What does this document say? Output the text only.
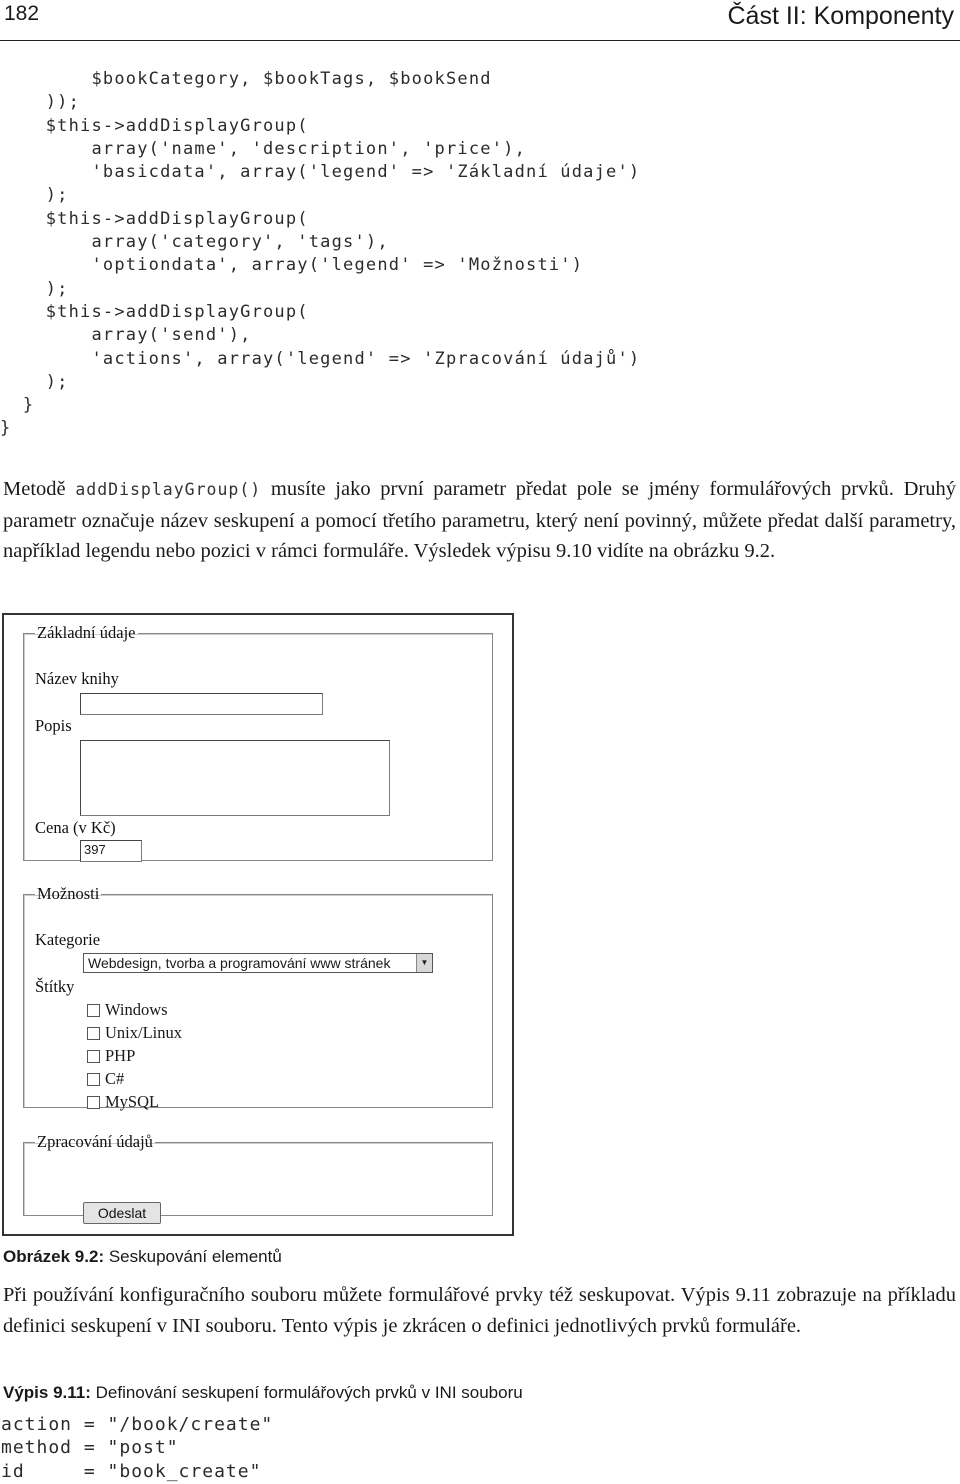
182	Část II: Komponenty
$bookCategory, $bookTags, $bookSend
));
$this->addDisplayGroup(
array('name', 'description', 'price'),
'basicdata', array('legend' => 'Základní údaje')
);
$this->addDisplayGroup(
array('category', 'tags'),
'optiondata', array('legend' => 'Možnosti')
);
$this->addDisplayGroup(
array('send'),
'actions', array('legend' => 'Zpracování údajů')
);
}
}

Metodě addDisplayGroup() musíte jako první parametr předat pole se jmény formulářových prvků. Druhý parametr označuje název seskupení a pomocí třetího parametru, který není povinný, můžete předat další parametry, například legendu nebo pozici v rámci formuláře. Výsledek výpisu 9.10 vidíte na obrázku 9.2.

Základní údaje
Název knihy
Popis
Cena (v Kč)
397
Možnosti
Kategorie
Webdesign, tvorba a programování www stránek	▼
Štítky
Windows
Unix/Linux
PHP
C#
MySQL
Zpracování údajů
Odeslat
Obrázek 9.2: Seskupování elementů

Při používání konfiguračního souboru můžete formulářové prvky též seskupovat. Výpis 9.11 zobrazuje na příkladu definici seskupení v INI souboru. Tento výpis je zkrácen o definici jednotlivých prvků formuláře.

Výpis 9.11: Definování seskupení formulářových prvků v INI souboru
action = "/book/create"
method = "post"
id     = "book_create"
